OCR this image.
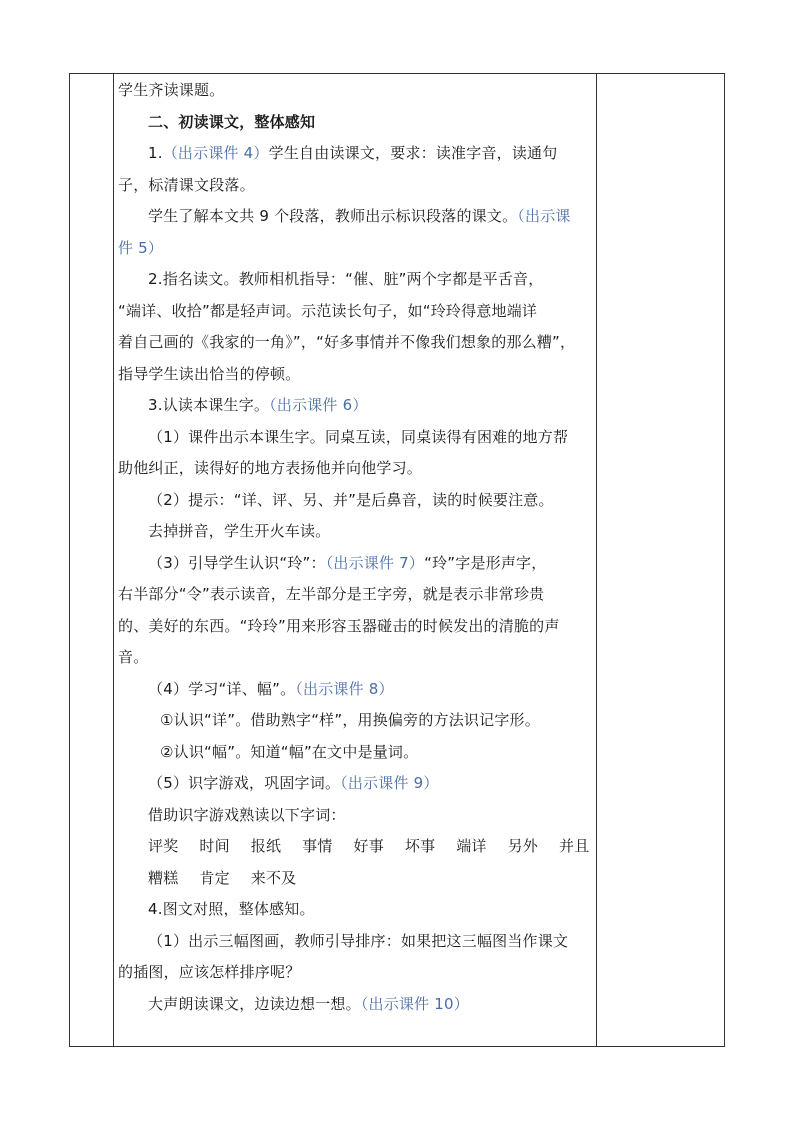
学生齐读课题。
二、初读课文，整体感知
1.（出示课件 4）学生自由读课文，要求：读准字音，读通句
子，标清课文段落。
学生了解本文共 9 个段落，教师出示标识段落的课文。（出示课
件 5）
2.指名读文。教师相机指导：“催、脏”两个字都是平舌音，
“端详、收拾”都是轻声词。示范读长句子，如“玲玲得意地端详
着自己画的《我家的一角》”，“好多事情并不像我们想象的那么糟”，
指导学生读出恰当的停顿。
3.认读本课生字。（出示课件 6）
（1）课件出示本课生字。同桌互读，同桌读得有困难的地方帮
助他纠正，读得好的地方表扬他并向他学习。
（2）提示：“详、评、另、并”是后鼻音，读的时候要注意。
去掉拼音，学生开火车读。
（3）引导学生认识“玲”：（出示课件 7）“玲”字是形声字，
右半部分“令”表示读音，左半部分是王字旁，就是表示非常珍贵
的、美好的东西。“玲玲”用来形容玉器碰击的时候发出的清脆的声
音。
（4）学习“详、幅”。（出示课件 8）
①认识“详”。借助熟字“样”，用换偏旁的方法识记字形。
②认识“幅”。知道“幅”在文中是量词。
（5）识字游戏，巩固字词。（出示课件 9）
借助识字游戏熟读以下字词：
评奖 时间 报纸 事情 好事 坏事 端详 另外 并且
糟糕 肯定 来不及
4.图文对照，整体感知。
（1）出示三幅图画，教师引导排序：如果把这三幅图当作课文
的插图，应该怎样排序呢？
大声朗读课文，边读边想一想。（出示课件 10）
